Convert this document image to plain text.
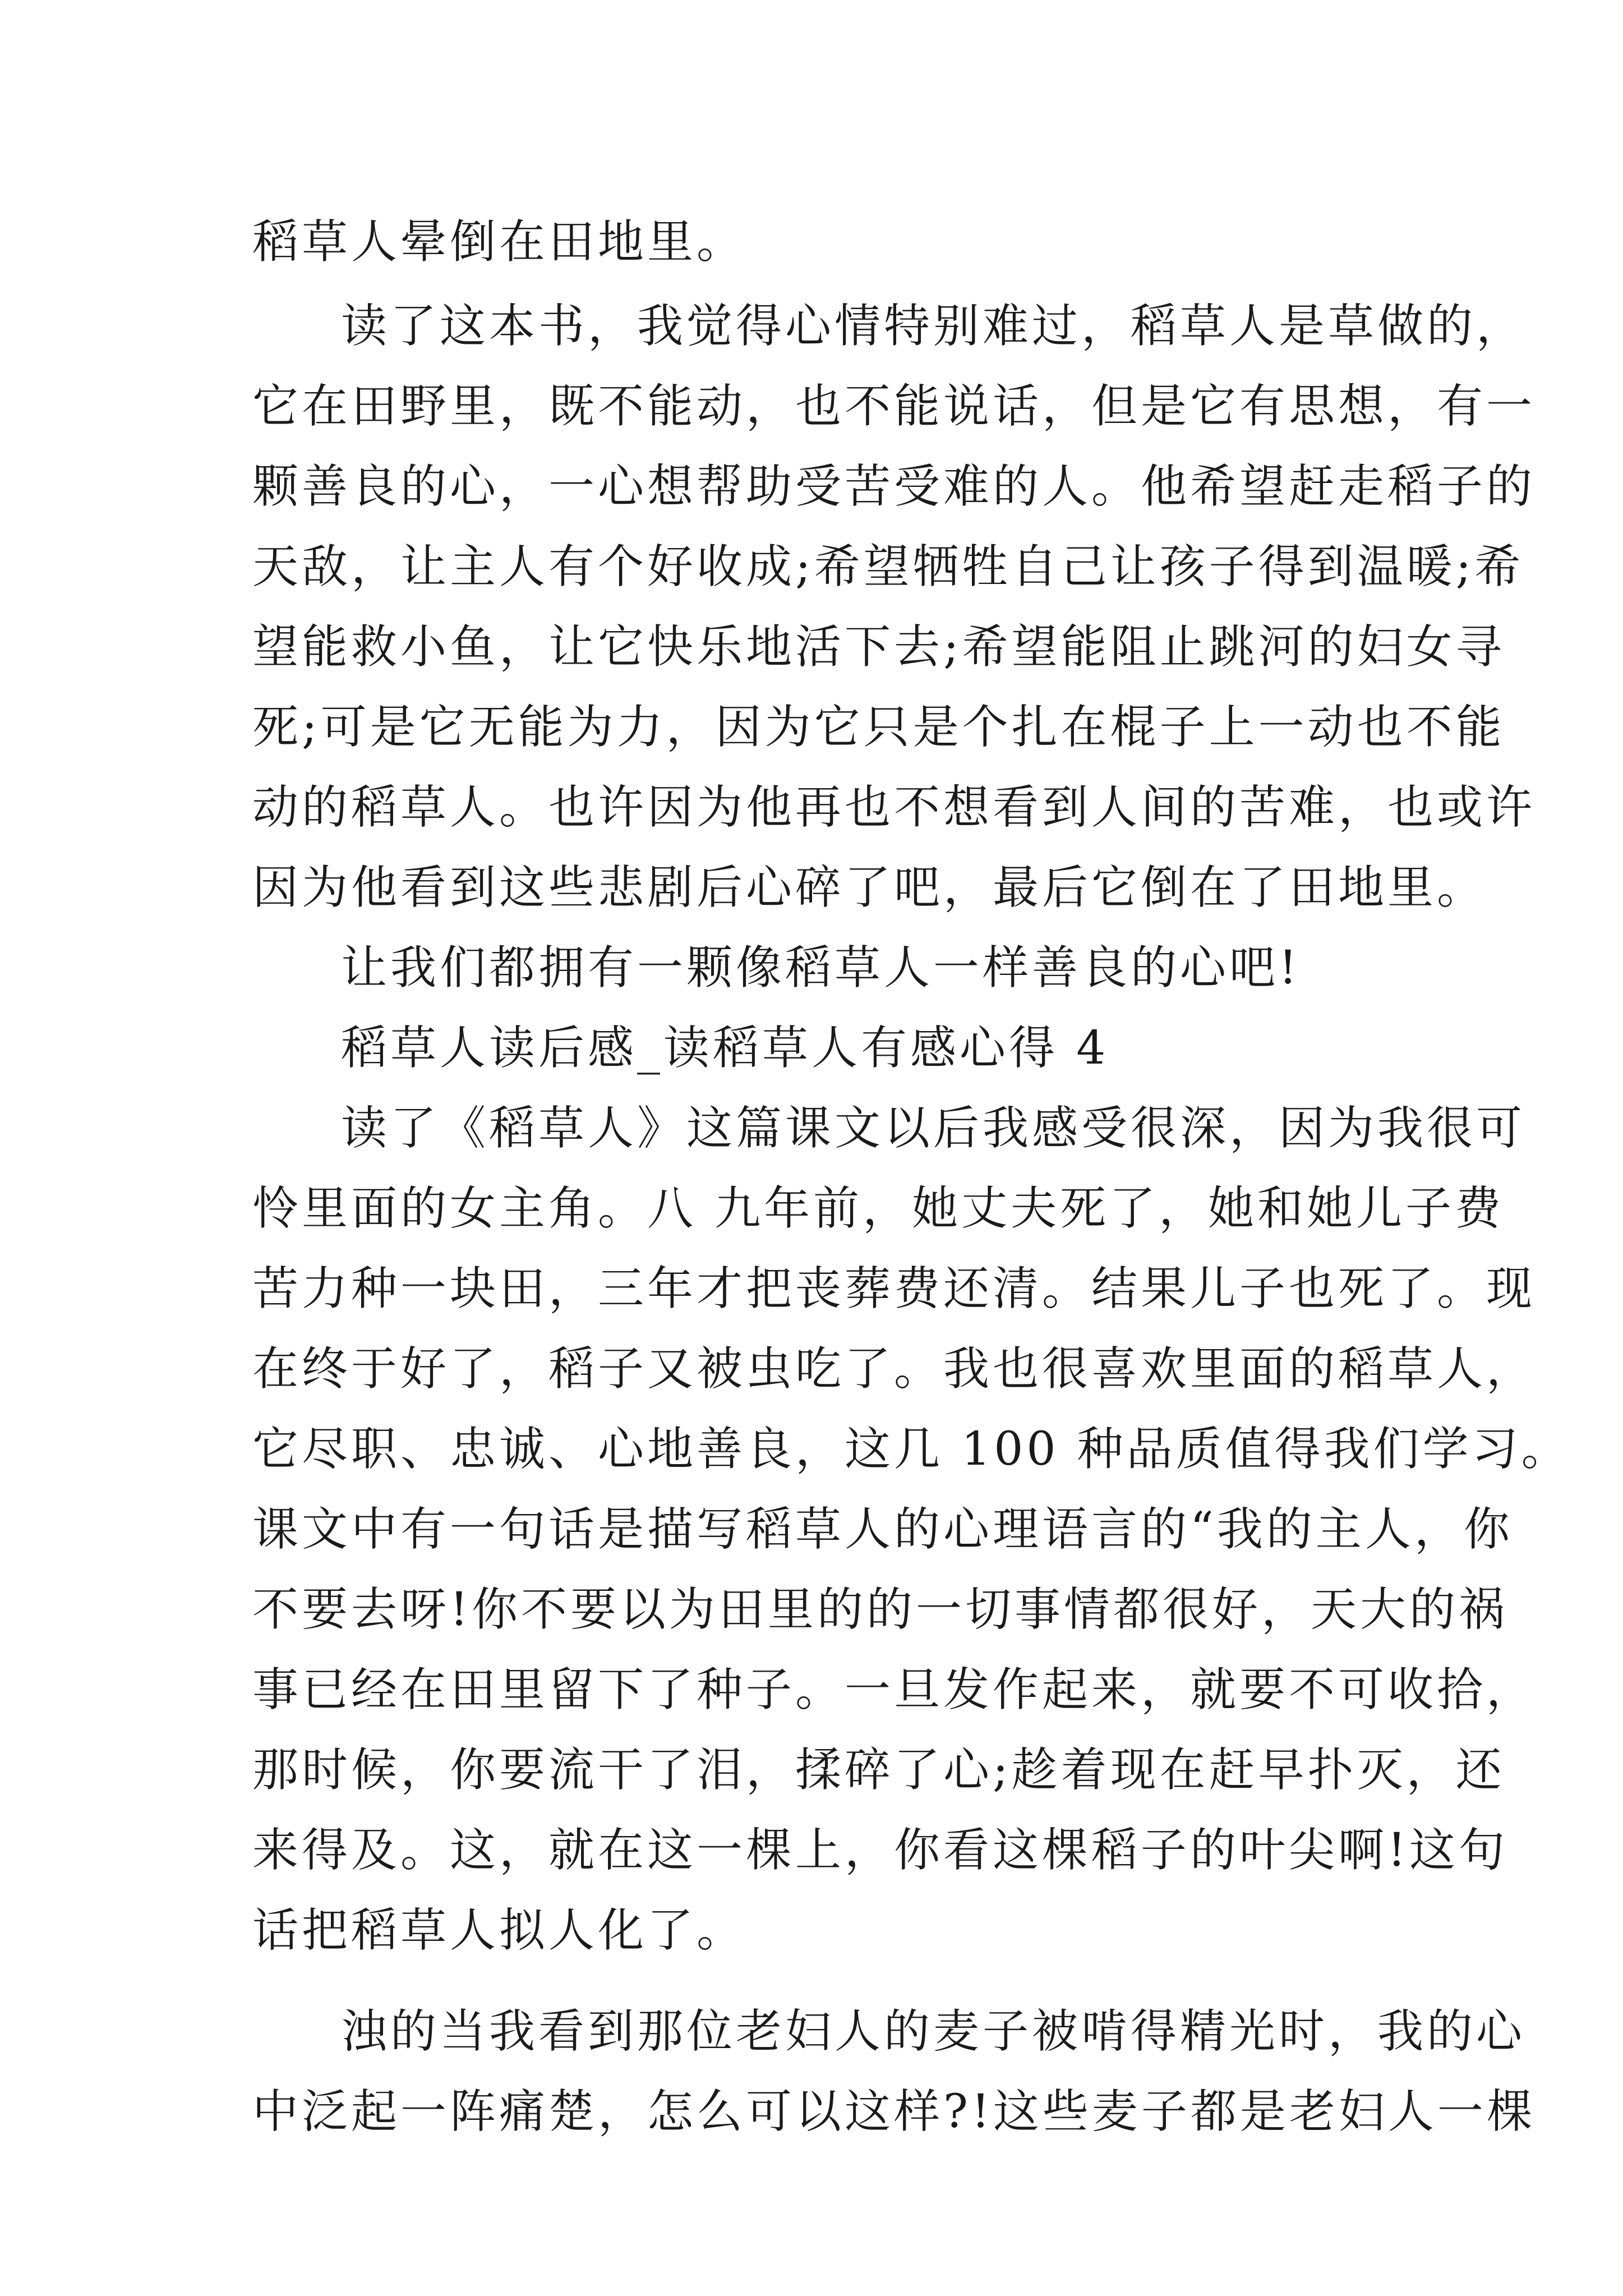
稻草人晕倒在田地里。
读了这本书，我觉得心情特别难过，稻草人是草做的，
它在田野里，既不能动，也不能说话，但是它有思想，有一
颗善良的心，一心想帮助受苦受难的人。他希望赶走稻子的
天敌，让主人有个好收成;希望牺牲自己让孩子得到温暖;希
望能救小鱼，让它快乐地活下去;希望能阻止跳河的妇女寻
死;可是它无能为力，因为它只是个扎在棍子上一动也不能
动的稻草人。也许因为他再也不想看到人间的苦难，也或许
因为他看到这些悲剧后心碎了吧，最后它倒在了田地里。
让我们都拥有一颗像稻草人一样善良的心吧!
稻草人读后感_读稻草人有感心得 4
读了《稻草人》这篇课文以后我感受很深，因为我很可
怜里面的女主角。八 九年前，她丈夫死了，她和她儿子费
苦力种一块田，三年才把丧葬费还清。结果儿子也死了。现
在终于好了，稻子又被虫吃了。我也很喜欢里面的稻草人，
它尽职、忠诚、心地善良，这几 100 种品质值得我们学习。
课文中有一句话是描写稻草人的心理语言的“我的主人，你
不要去呀!你不要以为田里的的一切事情都很好，天大的祸
事已经在田里留下了种子。一旦发作起来，就要不可收拾，
那时候，你要流干了泪，揉碎了心;趁着现在赶早扑灭，还
来得及。这，就在这一棵上，你看这棵稻子的叶尖啊!这句
话把稻草人拟人化了。
浊的当我看到那位老妇人的麦子被啃得精光时，我的心
中泛起一阵痛楚，怎么可以这样?!这些麦子都是老妇人一棵
